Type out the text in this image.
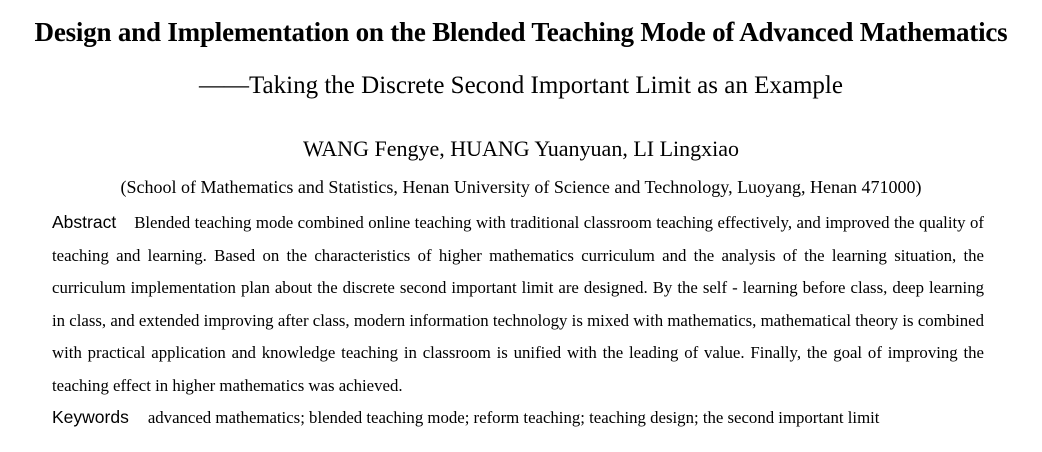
Design and Implementation on the Blended Teaching Mode of Advanced Mathematics
——Taking the Discrete Second Important Limit as an Example
WANG Fengye, HUANG Yuanyuan, LI Lingxiao
(School of Mathematics and Statistics, Henan University of Science and Technology, Luoyang, Henan 471000)
Abstract Blended teaching mode combined online teaching with traditional classroom teaching effectively, and improved the quality of teaching and learning. Based on the characteristics of higher mathematics curriculum and the analysis of the learning situation, the curriculum implementation plan about the discrete second important limit are designed. By the self - learning before class, deep learning in class, and extended improving after class, modern information technology is mixed with mathematics, mathematical theory is combined with practical application and knowledge teaching in classroom is unified with the leading of value. Finally, the goal of improving the teaching effect in higher mathematics was achieved.
Keywords advanced mathematics; blended teaching mode; reform teaching; teaching design; the second important limit
